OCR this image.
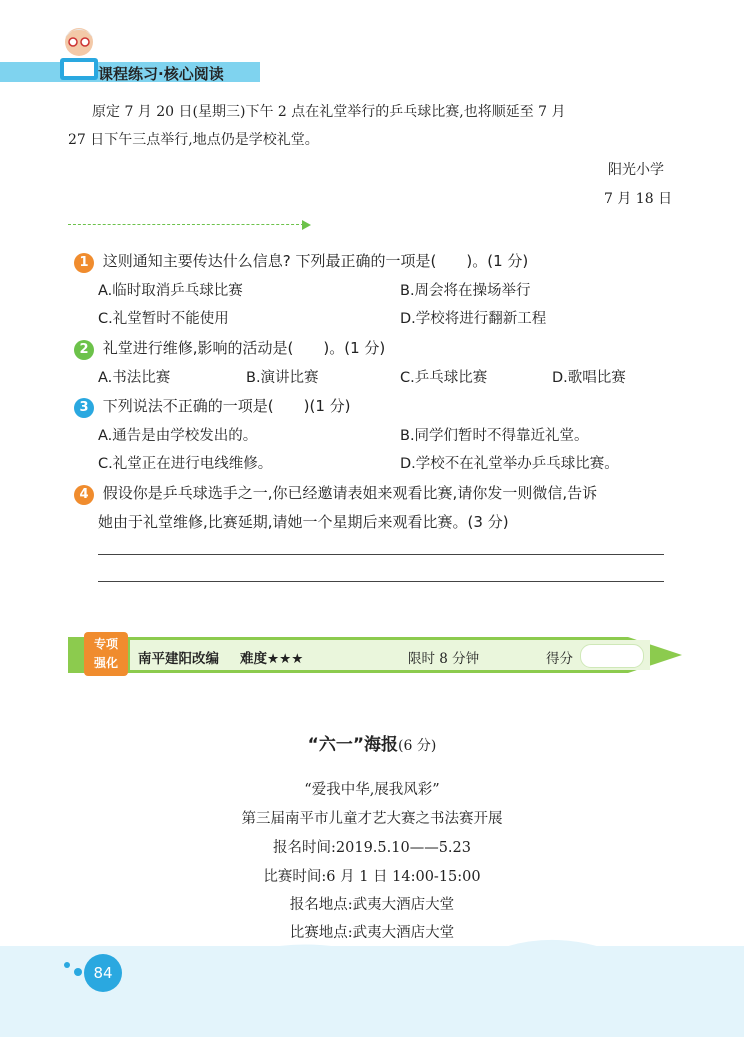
课程练习·核心阅读
原定 7 月 20 日(星期三)下午 2 点在礼堂举行的乒乓球比赛,也将顺延至 7 月
27 日下午三点举行,地点仍是学校礼堂。
阳光小学
7 月 18 日
1 这则通知主要传达什么信息? 下列最正确的一项是(　　)。(1 分)
A.临时取消乒乓球比赛	B.周会将在操场举行
C.礼堂暂时不能使用	D.学校将进行翻新工程
2 礼堂进行维修,影响的活动是(　　)。(1 分)
A.书法比赛	B.演讲比赛	C.乒乓球比赛	D.歌唱比赛
3 下列说法不正确的一项是(　　)(1 分)
A.通告是由学校发出的。	B.同学们暂时不得靠近礼堂。
C.礼堂正在进行电线维修。	D.学校不在礼堂举办乒乓球比赛。
4 假设你是乒乓球选手之一,你已经邀请表姐来观看比赛,请你发一则微信,告诉
她由于礼堂维修,比赛延期,请她一个星期后来观看比赛。(3 分)
专项
强化	南平建阳改编 难度★★★	限时 8 分钟	得分
“六一”海报(6 分)
“爱我中华,展我风彩”
第三届南平市儿童才艺大赛之书法赛开展
报名时间:2019.5.10——5.23
比赛时间:6 月 1 日 14:00-15:00
报名地点:武夷大酒店大堂
比赛地点:武夷大酒店大堂
84
